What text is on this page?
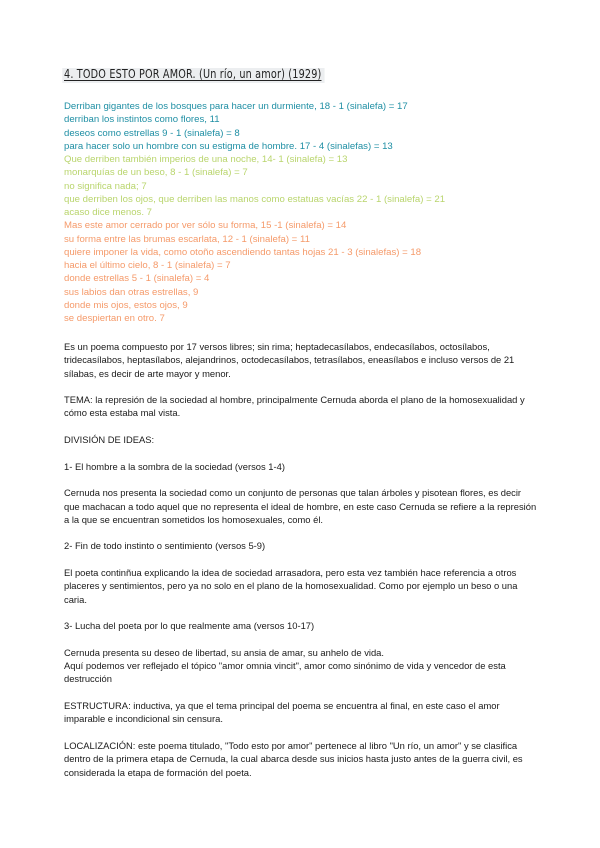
4. TODO ESTO POR AMOR. (Un río, un amor) (1929)
Derriban gigantes de los bosques para hacer un durmiente, 18 - 1 (sinalefa) = 17
derriban los instintos como flores, 11
deseos como estrellas 9 - 1 (sinalefa) = 8
para hacer solo un hombre con su estigma de hombre. 17 - 4 (sinalefas) = 13
Que derriben también imperios de una noche, 14- 1 (sinalefa) = 13
monarquías de un beso, 8 - 1 (sinalefa) = 7
no significa nada; 7
que derriben los ojos, que derriben las manos como estatuas vacías 22 - 1 (sinalefa) = 21
acaso dice menos. 7
Mas este amor cerrado por ver sólo su forma, 15 -1 (sinalefa) = 14
su forma entre las brumas escarlata, 12 - 1 (sinalefa) = 11
quiere imponer la vida, como otoño ascendiendo tantas hojas 21 - 3 (sinalefas) = 18
hacia el último cielo, 8 - 1 (sinalefa) = 7
donde estrellas 5 - 1 (sinalefa) = 4
sus labios dan otras estrellas, 9
donde mis ojos, estos ojos, 9
se despiertan en otro. 7

Es un poema compuesto por 17 versos libres; sin rima; heptadecasílabos, endecasílabos, octosílabos, tridecasílabos, heptasílabos, alejandrinos, octodecasílabos, tetrasílabos, eneasílabos e incluso versos de 21 sílabas, es decir de arte mayor y menor.

TEMA: la represión de la sociedad al hombre, principalmente Cernuda aborda el plano de la homosexualidad y cómo esta estaba mal vista.

DIVISIÓN DE IDEAS:

1- El hombre a la sombra de la sociedad (versos 1-4)

Cernuda nos presenta la sociedad como un conjunto de personas que talan árboles y pisotean flores, es decir que machacan a todo aquel que no representa el ideal de hombre, en este caso Cernuda se refiere a la represión a la que se encuentran sometidos los homosexuales, como él.

2- Fin de todo instinto o sentimiento (versos 5-9)

El poeta continñua explicando la idea de sociedad arrasadora, pero esta vez también hace referencia a otros placeres y sentimientos, pero ya no solo en el plano de la homosexualidad. Como por ejemplo un beso o una caria.

3- Lucha del poeta por lo que realmente ama (versos 10-17)

Cernuda presenta su deseo de libertad, su ansia de amar, su anhelo de vida.

Aquí podemos ver reflejado el tópico "amor omnia vincit", amor como sinónimo de vida y vencedor de esta destrucción

ESTRUCTURA: inductiva, ya que el tema principal del poema se encuentra al final, en este caso el amor imparable e incondicional sin censura.

LOCALIZACIÓN: este poema titulado, "Todo esto por amor" pertenece al libro "Un río, un amor" y se clasifica dentro de la primera etapa de Cernuda, la cual abarca desde sus inicios hasta justo antes de la guerra civil, es considerada la etapa de formación del poeta.
